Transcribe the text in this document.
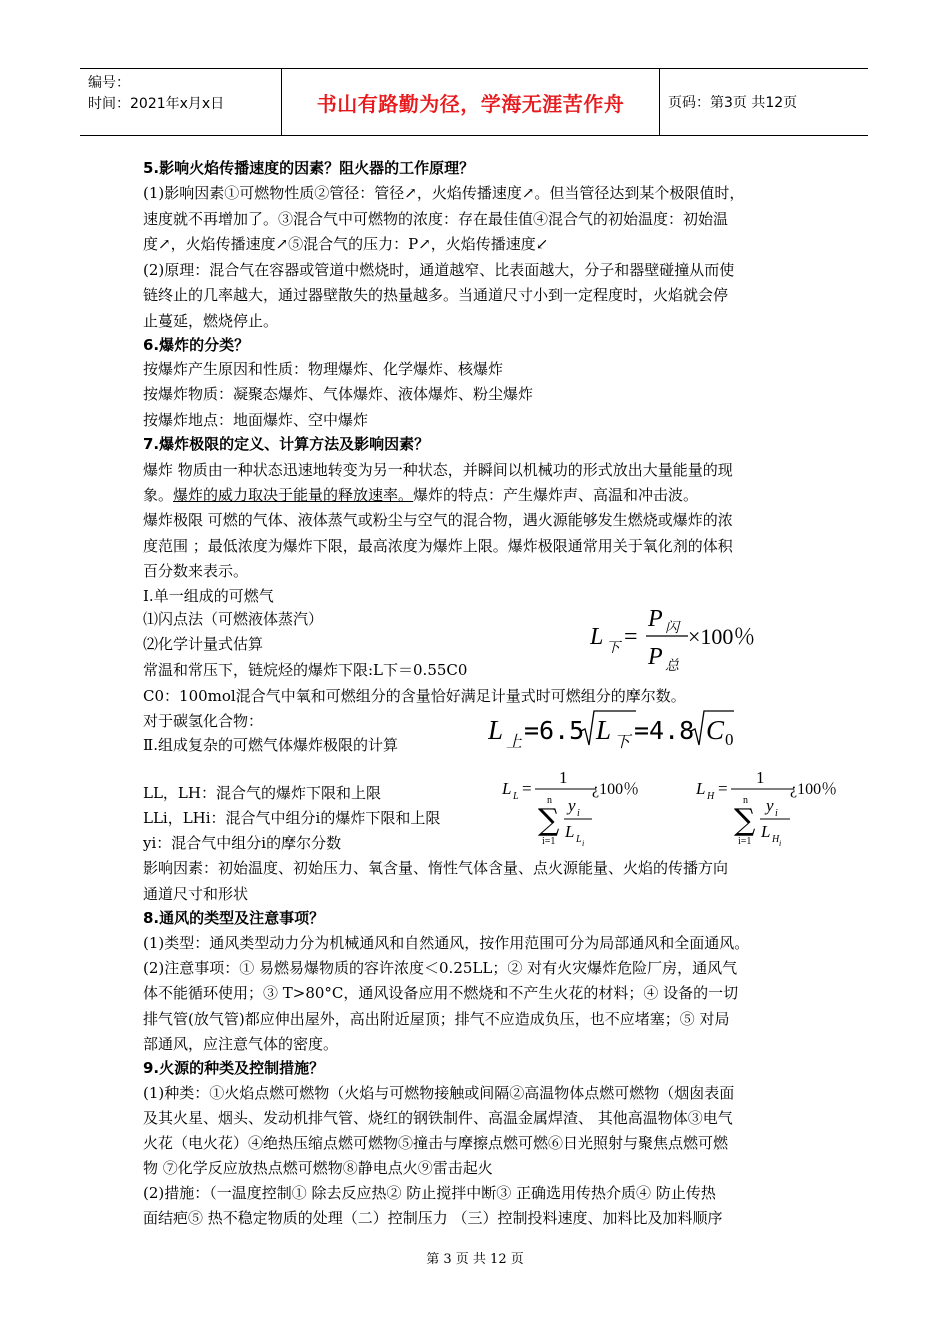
编号：
时间：2021年x月x日	书山有路勤为径，学海无涯苦作舟	页码：第3页 共12页
5.影响火焰传播速度的因素？阻火器的工作原理？
(1)影响因素①可燃物性质②管径：管径↗，火焰传播速度↗。但当管径达到某个极限值时，
速度就不再增加了。③混合气中可燃物的浓度：存在最佳值④混合气的初始温度：初始温
度↗，火焰传播速度↗⑤混合气的压力：P↗，火焰传播速度↙
(2)原理：混合气在容器或管道中燃烧时，通道越窄、比表面越大，分子和器壁碰撞从而使
链终止的几率越大，通过器壁散失的热量越多。当通道尺寸小到一定程度时，火焰就会停
止蔓延，燃烧停止。
6.爆炸的分类？
按爆炸产生原因和性质：物理爆炸、化学爆炸、核爆炸
按爆炸物质：凝聚态爆炸、气体爆炸、液体爆炸、粉尘爆炸
按爆炸地点：地面爆炸、空中爆炸
7.爆炸极限的定义、计算方法及影响因素？
爆炸 物质由一种状态迅速地转变为另一种状态，并瞬间以机械功的形式放出大量能量的现
象。爆炸的威力取决于能量的释放速率。爆炸的特点：产生爆炸声、高温和冲击波。
爆炸极限 可燃的气体、液体蒸气或粉尘与空气的混合物，遇火源能够发生燃烧或爆炸的浓
度范围 ；最低浓度为爆炸下限，最高浓度为爆炸上限。爆炸极限通常用关于氧化剂的体积
百分数来表示。
I.单一组成的可燃气
⑴闪点法（可燃液体蒸汽）
⑵化学计量式估算
常温和常压下，链烷烃的爆炸下限:L下＝0.55C0
C0：100mol混合气中氧和可燃组分的含量恰好满足计量式时可燃组分的摩尔数。
对于碳氢化合物：
Ⅱ.组成复杂的可燃气体爆炸极限的计算
LL，LH：混合气的爆炸下限和上限
LLi，LHi：混合气中组分i的爆炸下限和上限
yi：混合气中组分i的摩尔分数
影响因素：初始温度、初始压力、氧含量、惰性气体含量、点火源能量、火焰的传播方向
通道尺寸和形状
8.通风的类型及注意事项？
(1)类型：通风类型动力分为机械通风和自然通风，按作用范围可分为局部通风和全面通风。
(2)注意事项：① 易燃易爆物质的容许浓度＜0.25LL；② 对有火灾爆炸危险厂房，通风气
体不能循环使用；③ T>80°C，通风设备应用不燃烧和不产生火花的材料；④ 设备的一切
排气管(放气管)都应伸出屋外，高出附近屋顶；排气不应造成负压，也不应堵塞；⑤ 对局
部通风，应注意气体的密度。
9.火源的种类及控制措施？
(1)种类：①火焰点燃可燃物（火焰与可燃物接触或间隔②高温物体点燃可燃物（烟囱表面
及其火星、烟头、发动机排气管、烧红的钢铁制件、高温金属焊渣、 其他高温物体③电气
火花（电火花）④绝热压缩点燃可燃物⑤撞击与摩擦点燃可燃⑥日光照射与聚焦点燃可燃
物 ⑦化学反应放热点燃可燃物⑧静电点火⑨雷击起火
(2)措施：（一温度控制① 除去反应热② 防止搅拌中断③ 正确选用传热介质④ 防止传热
面结疤⑤ 热不稳定物质的处理（二）控制压力 （三）控制投料速度、加料比及加料顺序
L 下 =
P 闪
P 总
×100％
L 上 =6.5 L 下 =4.8 C 0
L L =
1
n
∑
i=1
y i
L L i
¿100％	L H =
1
n
∑
i=1
y i
L H i
¿100％
第 3 页 共 12 页
